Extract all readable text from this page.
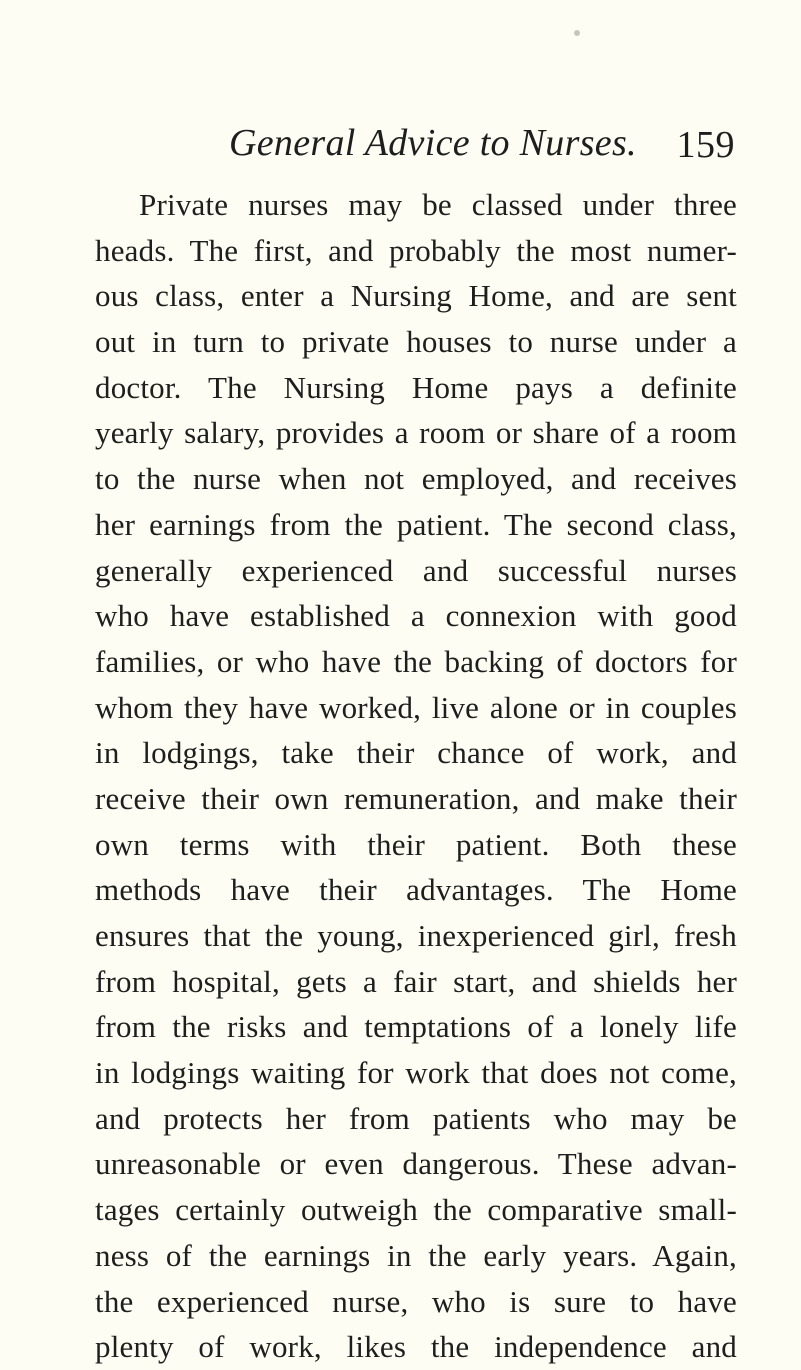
General Advice to Nurses. 159
Private nurses may be classed under three
heads. The first, and probably the most numer-
ous class, enter a Nursing Home, and are sent
out in turn to private houses to nurse under a
doctor. The Nursing Home pays a definite
yearly salary, provides a room or share of a room
to the nurse when not employed, and receives
her earnings from the patient. The second class,
generally experienced and successful nurses
who have established a connexion with good
families, or who have the backing of doctors for
whom they have worked, live alone or in couples
in lodgings, take their chance of work, and
receive their own remuneration, and make their
own terms with their patient. Both these
methods have their advantages. The Home
ensures that the young, inexperienced girl, fresh
from hospital, gets a fair start, and shields her
from the risks and temptations of a lonely life
in lodgings waiting for work that does not come,
and protects her from patients who may be
unreasonable or even dangerous. These advan-
tages certainly outweigh the comparative small-
ness of the earnings in the early years. Again,
the experienced nurse, who is sure to have
plenty of work, likes the independence and
